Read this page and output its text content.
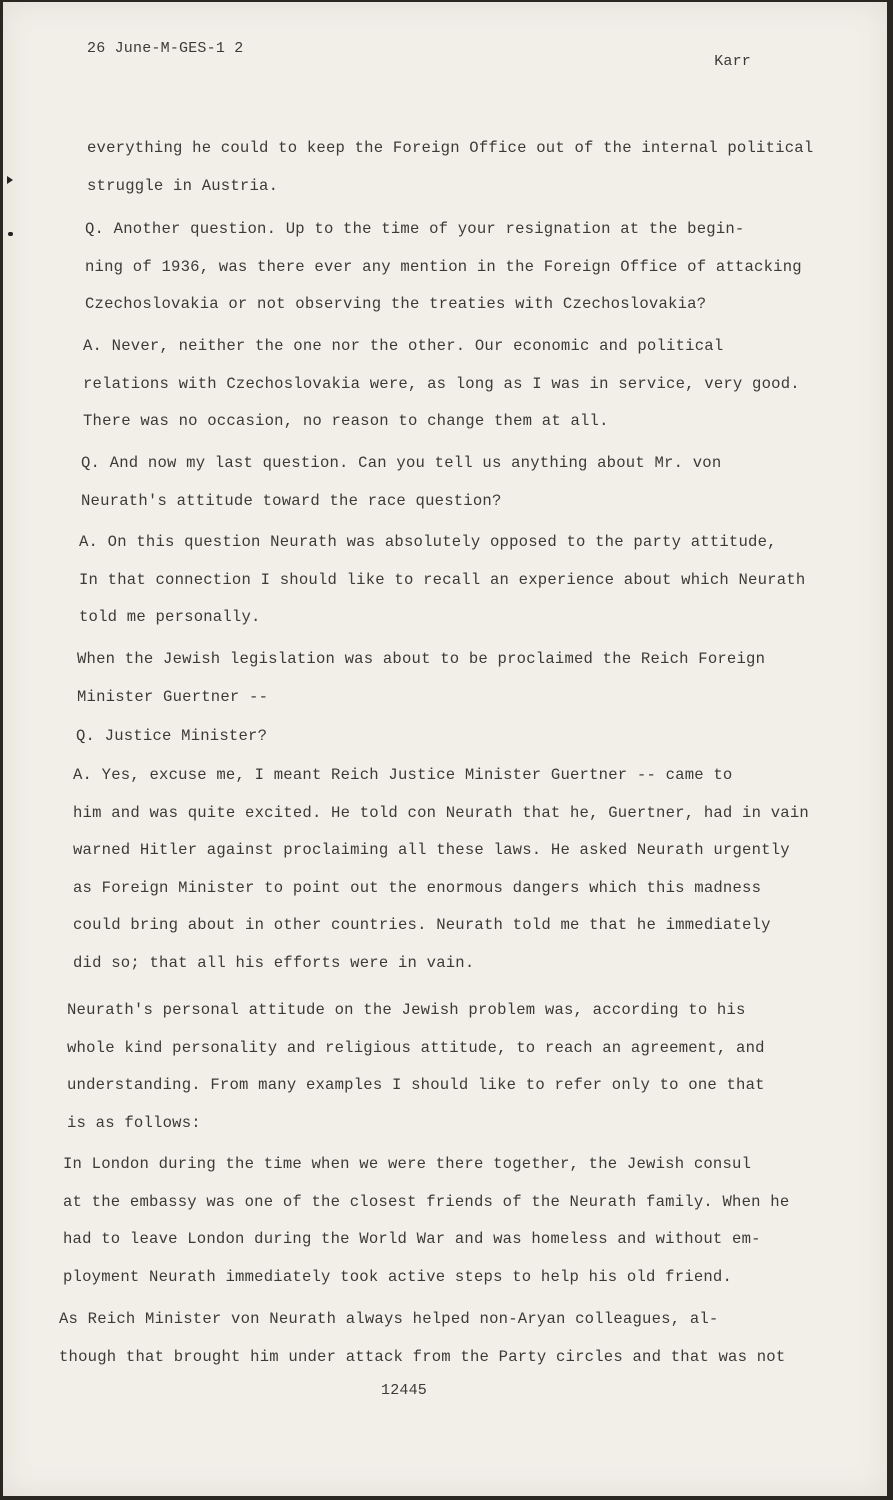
26 June-M-GES-1 2
Karr
everything he could to keep the Foreign Office out of the internal political
struggle in Austria.
Q. Another question. Up to the time of your resignation at the begin-
ning of 1936, was there ever any mention in the Foreign Office of attacking
Czechoslovakia or not observing the treaties with Czechoslovakia?
A. Never, neither the one nor the other. Our economic and political
relations with Czechoslovakia were, as long as I was in service, very good.
There was no occasion, no reason to change them at all.
Q. And now my last question. Can you tell us anything about Mr. von
Neurath's attitude toward the race question?
A. On this question Neurath was absolutely opposed to the party attitude,
In that connection I should like to recall an experience about which Neurath
told me personally.
When the Jewish legislation was about to be proclaimed the Reich Foreign
Minister Guertner --
Q. Justice Minister?
A. Yes, excuse me, I meant Reich Justice Minister Guertner -- came to
him and was quite excited. He told con Neurath that he, Guertner, had in vain
warned Hitler against proclaiming all these laws. He asked Neurath urgently
as Foreign Minister to point out the enormous dangers which this madness
could bring about in other countries. Neurath told me that he immediately
did so; that all his efforts were in vain.
Neurath's personal attitude on the Jewish problem was, according to his
whole kind personality and religious attitude, to reach an agreement, and
understanding. From many examples I should like to refer only to one that
is as follows:
In London during the time when we were there together, the Jewish consul
at the embassy was one of the closest friends of the Neurath family. When he
had to leave London during the World War and was homeless and without em-
ployment Neurath immediately took active steps to help his old friend.
As Reich Minister von Neurath always helped non-Aryan colleagues, al-
though that brought him under attack from the Party circles and that was not
12445
